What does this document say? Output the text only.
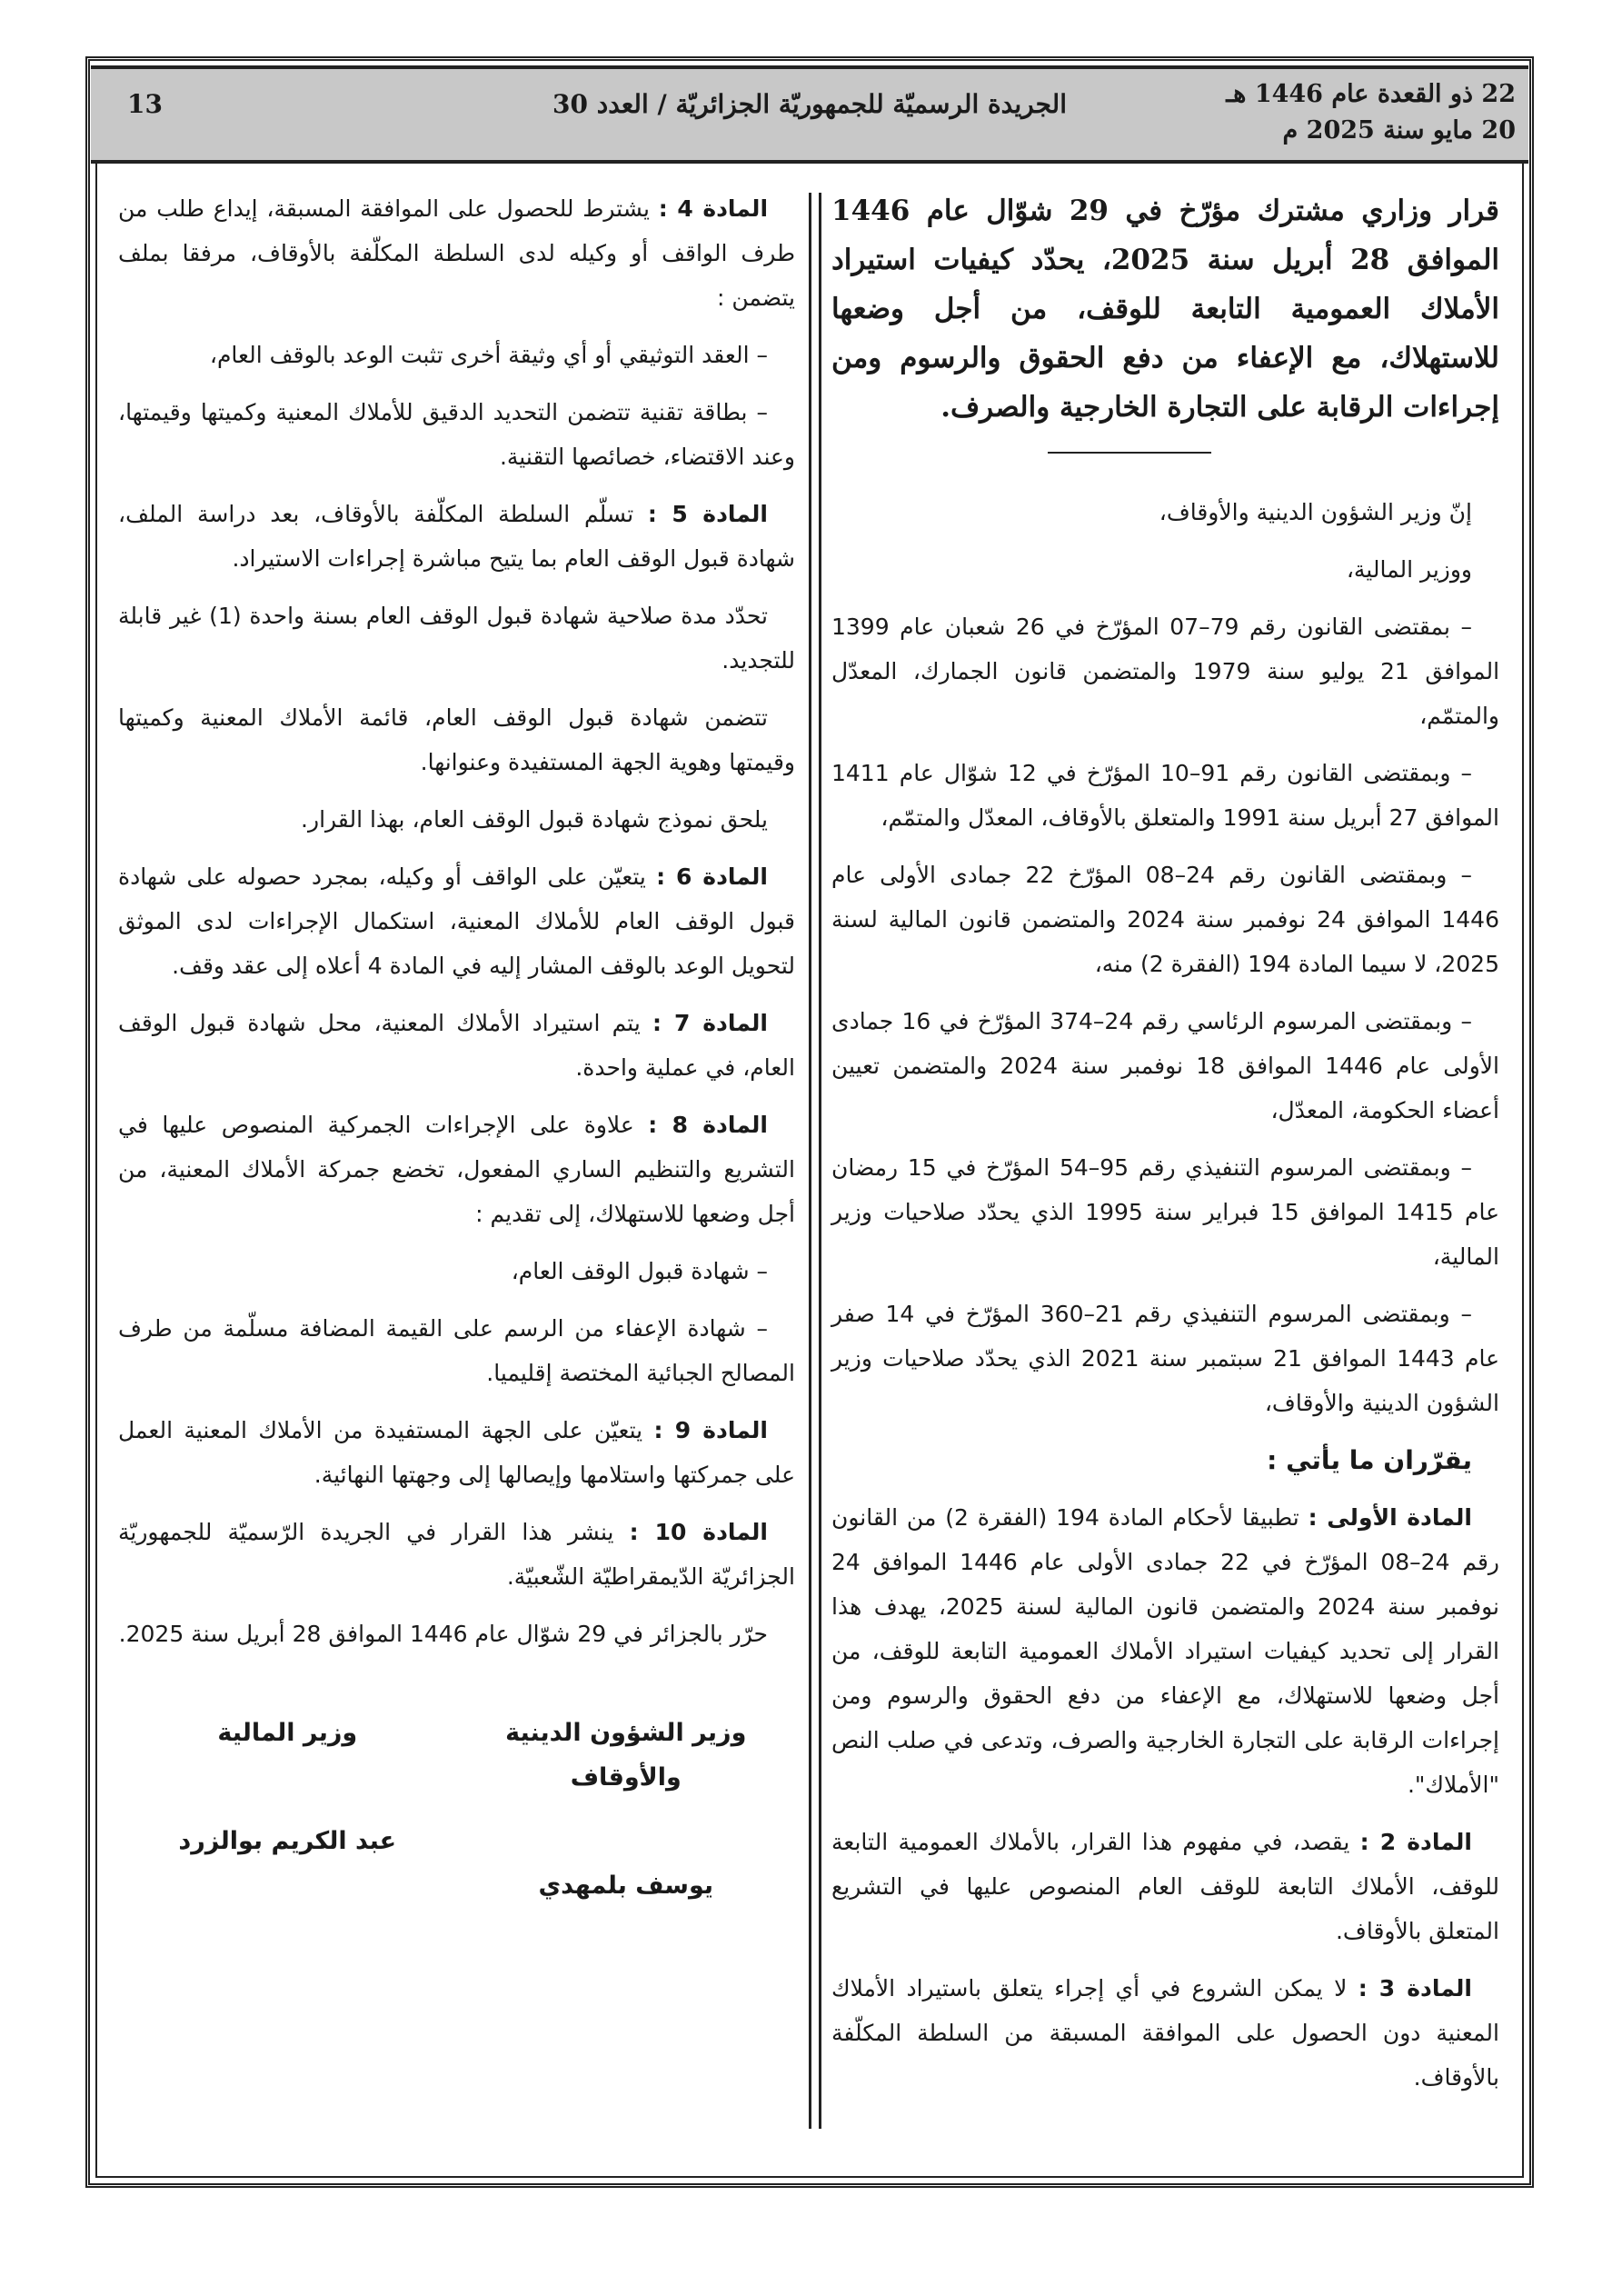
22 ذو القعدة عام 1446 هـ
20 مايو سنة 2025 م
الجريدة الرسميّة للجمهوريّة الجزائريّة / العدد 30
13

قرار وزاري مشترك مؤرّخ في 29 شوّال عام 1446 الموافق 28 أبريل سنة 2025، يحدّد كيفيات استيراد الأملاك العمومية التابعة للوقف، من أجل وضعها للاستهلاك، مع الإعفاء من دفع الحقوق والرسوم ومن إجراءات الرقابة على التجارة الخارجية والصرف.

إنّ وزير الشؤون الدينية والأوقاف،

ووزير المالية،

– بمقتضى القانون رقم 79–07 المؤرّخ في 26 شعبان عام 1399 الموافق 21 يوليو سنة 1979 والمتضمن قانون الجمارك، المعدّل والمتمّم،

– وبمقتضى القانون رقم 91–10 المؤرّخ في 12 شوّال عام 1411 الموافق 27 أبريل سنة 1991 والمتعلق بالأوقاف، المعدّل والمتمّم،

– وبمقتضى القانون رقم 24–08 المؤرّخ 22 جمادى الأولى عام 1446 الموافق 24 نوفمبر سنة 2024 والمتضمن قانون المالية لسنة 2025، لا سيما المادة 194 (الفقرة 2) منه،

– وبمقتضى المرسوم الرئاسي رقم 24–374 المؤرّخ في 16 جمادى الأولى عام 1446 الموافق 18 نوفمبر سنة 2024 والمتضمن تعيين أعضاء الحكومة، المعدّل،

– وبمقتضى المرسوم التنفيذي رقم 95–54 المؤرّخ في 15 رمضان عام 1415 الموافق 15 فبراير سنة 1995 الذي يحدّد صلاحيات وزير المالية،

– وبمقتضى المرسوم التنفيذي رقم 21–360 المؤرّخ في 14 صفر عام 1443 الموافق 21 سبتمبر سنة 2021 الذي يحدّد صلاحيات وزير الشؤون الدينية والأوقاف،

يقرّران ما يأتي :

المادة الأولى : تطبيقا لأحكام المادة 194 (الفقرة 2) من القانون رقم 24–08 المؤرّخ في 22 جمادى الأولى عام 1446 الموافق 24 نوفمبر سنة 2024 والمتضمن قانون المالية لسنة 2025، يهدف هذا القرار إلى تحديد كيفيات استيراد الأملاك العمومية التابعة للوقف، من أجل وضعها للاستهلاك، مع الإعفاء من دفع الحقوق والرسوم ومن إجراءات الرقابة على التجارة الخارجية والصرف، وتدعى في صلب النص "الأملاك".

المادة 2 : يقصد، في مفهوم هذا القرار، بالأملاك العمومية التابعة للوقف، الأملاك التابعة للوقف العام المنصوص عليها في التشريع المتعلق بالأوقاف.

المادة 3 : لا يمكن الشروع في أي إجراء يتعلق باستيراد الأملاك المعنية دون الحصول على الموافقة المسبقة من السلطة المكلّفة بالأوقاف.

المادة 4 : يشترط للحصول على الموافقة المسبقة، إيداع طلب من طرف الواقف أو وكيله لدى السلطة المكلّفة بالأوقاف، مرفقا بملف يتضمن :

– العقد التوثيقي أو أي وثيقة أخرى تثبت الوعد بالوقف العام،

– بطاقة تقنية تتضمن التحديد الدقيق للأملاك المعنية وكميتها وقيمتها، وعند الاقتضاء، خصائصها التقنية.

المادة 5 : تسلّم السلطة المكلّفة بالأوقاف، بعد دراسة الملف، شهادة قبول الوقف العام بما يتيح مباشرة إجراءات الاستيراد.

تحدّد مدة صلاحية شهادة قبول الوقف العام بسنة واحدة (1) غير قابلة للتجديد.

تتضمن شهادة قبول الوقف العام، قائمة الأملاك المعنية وكميتها وقيمتها وهوية الجهة المستفيدة وعنوانها.

يلحق نموذج شهادة قبول الوقف العام، بهذا القرار.

المادة 6 : يتعيّن على الواقف أو وكيله، بمجرد حصوله على شهادة قبول الوقف العام للأملاك المعنية، استكمال الإجراءات لدى الموثق لتحويل الوعد بالوقف المشار إليه في المادة 4 أعلاه إلى عقد وقف.

المادة 7 : يتم استيراد الأملاك المعنية، محل شهادة قبول الوقف العام، في عملية واحدة.

المادة 8 : علاوة على الإجراءات الجمركية المنصوص عليها في التشريع والتنظيم الساري المفعول، تخضع جمركة الأملاك المعنية، من أجل وضعها للاستهلاك، إلى تقديم :

– شهادة قبول الوقف العام،

– شهادة الإعفاء من الرسم على القيمة المضافة مسلّمة من طرف المصالح الجبائية المختصة إقليميا.

المادة 9 : يتعيّن على الجهة المستفيدة من الأملاك المعنية العمل على جمركتها واستلامها وإيصالها إلى وجهتها النهائية.

المادة 10 : ينشر هذا القرار في الجريدة الرّسميّة للجمهوريّة الجزائريّة الدّيمقراطيّة الشّعبيّة.

حرّر بالجزائر في 29 شوّال عام 1446 الموافق 28 أبريل سنة 2025.

وزير الشؤون الدينية والأوقاف
يوسف بلمهدي
وزير المالية
عبد الكريم بوالزرد
